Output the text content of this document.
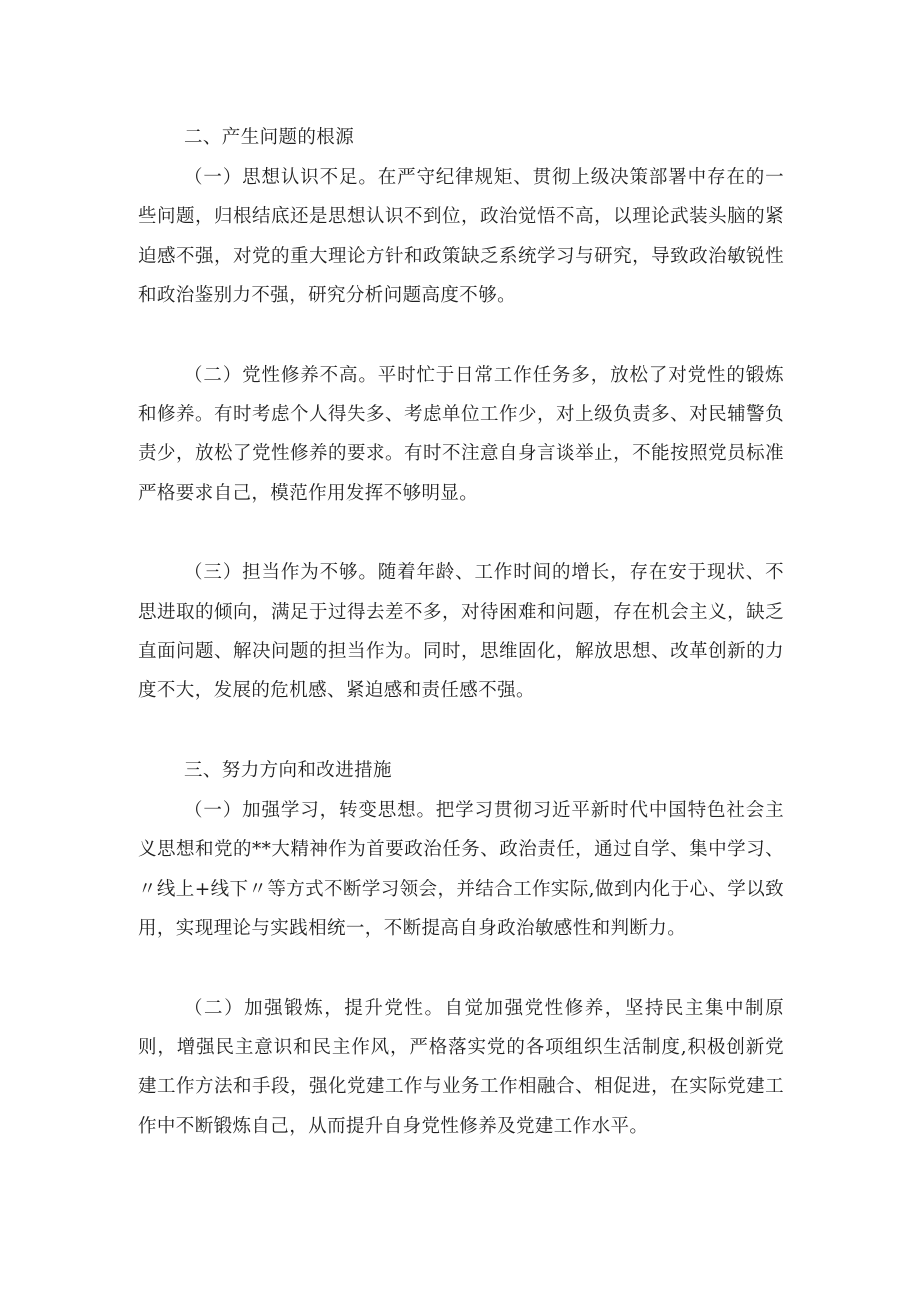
二、产生问题的根源

（一）思想认识不足。在严守纪律规矩、贯彻上级决策部署中存在的一些问题，归根结底还是思想认识不到位，政治觉悟不高，以理论武装头脑的紧迫感不强，对党的重大理论方针和政策缺乏系统学习与研究，导致政治敏锐性和政治鉴别力不强，研究分析问题高度不够。

（二）党性修养不高。平时忙于日常工作任务多，放松了对党性的锻炼和修养。有时考虑个人得失多、考虑单位工作少，对上级负责多、对民辅警负责少，放松了党性修养的要求。有时不注意自身言谈举止，不能按照党员标准严格要求自己，模范作用发挥不够明显。

（三）担当作为不够。随着年龄、工作时间的增长，存在安于现状、不思进取的倾向，满足于过得去差不多，对待困难和问题，存在机会主义，缺乏直面问题、解决问题的担当作为。同时，思维固化，解放思想、改革创新的力度不大，发展的危机感、紧迫感和责任感不强。

三、努力方向和改进措施

（一）加强学习，转变思想。把学习贯彻习近平新时代中国特色社会主义思想和党的**大精神作为首要政治任务、政治责任，通过自学、集中学习、〃线上+线下〃等方式不断学习领会，并结合工作实际,做到内化于心、学以致用，实现理论与实践相统一，不断提高自身政治敏感性和判断力。

（二）加强锻炼，提升党性。自觉加强党性修养，坚持民主集中制原则，增强民主意识和民主作风，严格落实党的各项组织生活制度,积极创新党建工作方法和手段，强化党建工作与业务工作相融合、相促进，在实际党建工作中不断锻炼自己，从而提升自身党性修养及党建工作水平。
